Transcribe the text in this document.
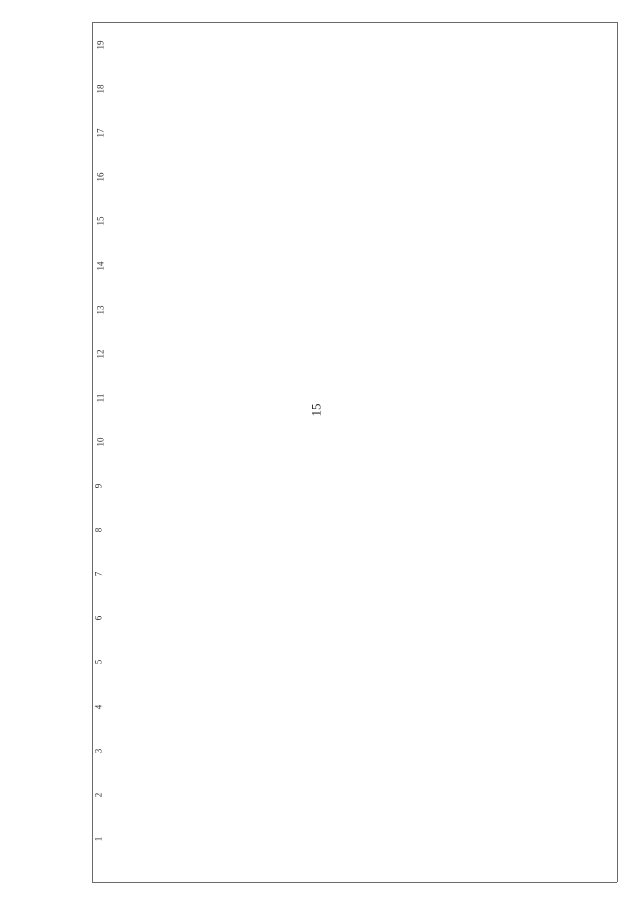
15
19
18
17
16
15
14
13
12
11
10
9
8
7
6
5
4
3
2
1
